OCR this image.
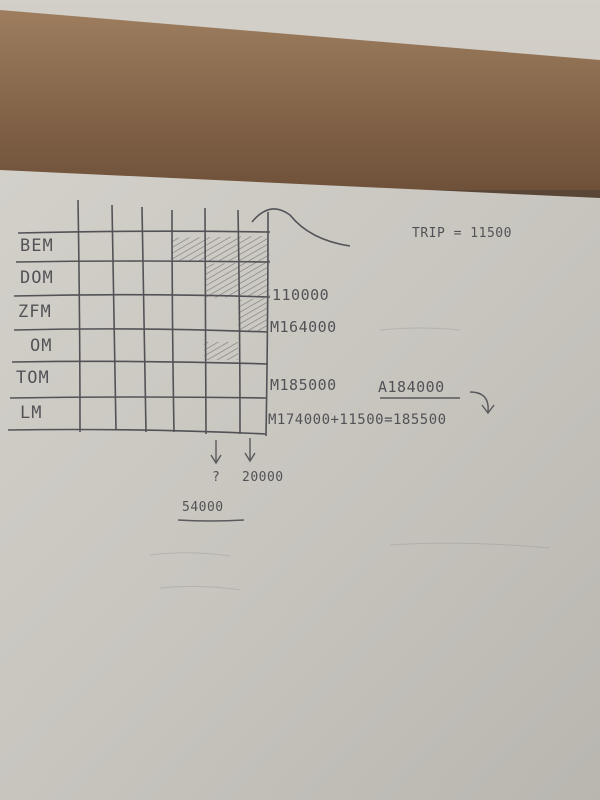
BEM
DOM
ZFM
OM
TOM
LM
TRIP = 11500
110000
M164000
M185000	A184000
M174000+11500=185500
? 20000
54000
